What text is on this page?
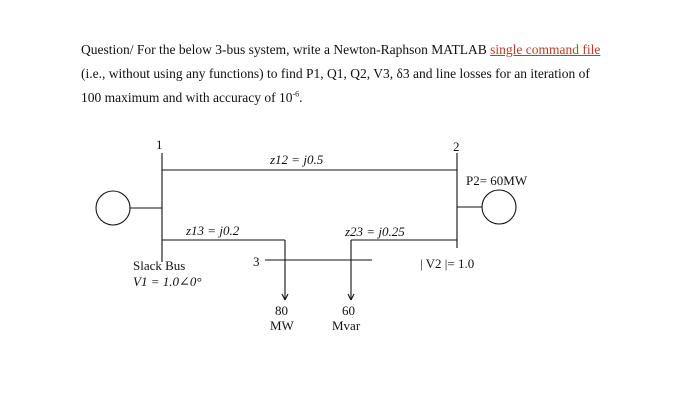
Question/ For the below 3-bus system, write a Newton-Raphson MATLAB single command file
(i.e., without using any functions) to find P1, Q1, Q2, V3, δ3 and line losses for an iteration of
100 maximum and with accuracy of $10^{-6}$.
1	2
3
z12 = j0.5
z13 = j0.2	z23 = j0.25
P2= 60MW
| V2 |= 1.0
Slack Bus
V1 = 1.0∠0°
80
MW
60
Mvar
